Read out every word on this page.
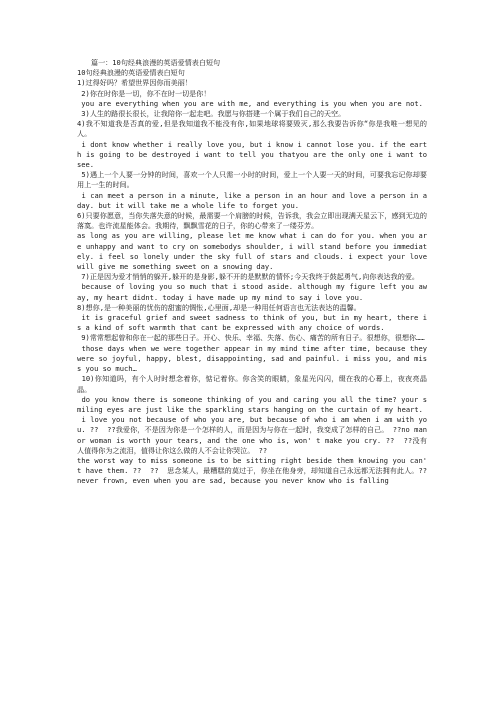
篇一：10句经典浪漫的英语爱情表白短句

10句经典浪漫的英语爱情表白短句

1)过得好吗？希望世界因你而美丽！

2)你在时你是一切，你不在时一切是你！

you are everything when you are with me, and everything is you when you are not.

3)人生的路很长很长，让我陪你一起走吧。我愿与你搭建一个属于我们自己的天空。

4)我不知道我是否真的爱,但是我知道我不能没有你,如果地球将要毁灭,那么我要告诉你“你是我唯一想见的人。

i dont know whether i really love you, but i know i cannot lose you. if the earth is going to be destroyed i want to tell you thatyou are the only one i want to see.

5)遇上一个人要一分钟的时间，喜欢一个人只需一小时的时间，爱上一个人要一天的时间，可要我忘记你却要用上一生的时间。

i can meet a person in a minute, like a person in an hour and love a person in a day. but it will take me a whole life to forget you.

6)只要你愿意，当你失落失意的时候，最需要一个肩膀的时候，告诉我，我会立即出现满天星云下，感到无边的落寞。也许流星能体会。我期待，飘飘雪花的日子，你的心带来了一缕芬芳。

as long as you are willing, please let me know what i can do for you. when you are unhappy and want to cry on somebodys shoulder, i will stand before you immediately. i feel so lonely under the sky full of stars and clouds. i expect your love will give me something sweet on a snowing day.

7)正是因为爱才悄悄的躲开,躲开的是身影,躲不开的是默默的情怀;今天我终于鼓起勇气,向你表达我的爱。

because of loving you so much that i stood aside. although my figure left you away, my heart didnt. today i have made up my mind to say i love you.

8)想你,是一种美丽的忧伤的甜蜜的惆怅,心里面,却是一种用任何语言也无法表达的温馨。

it is graceful grief and sweet sadness to think of you, but in my heart, there is a kind of soft warmth that cant be expressed with any choice of words.

9)常常想起曾和你在一起的那些日子。开心、快乐、幸福、失落、伤心、痛苦的所有日子。很想你，很想你……

those days when we were together appear in my mind time after time, because they were so joyful, happy, blest, disappointing, sad and painful. i miss you, and miss you so much…

10)你知道吗，有个人时时想念着你，惦记着你。你含笑的眼睛，象星光闪闪，缀在我的心幕上，夜夜亮晶晶。

do you know there is someone thinking of you and caring you all the time? your smiling eyes are just like the sparkling stars hanging on the curtain of my heart.

i love you not because of who you are, but because of who i am when i am with you. ??  ??我爱你，不是因为你是一个怎样的人，而是因为与你在一起时，我变成了怎样的自己。 ??no man or woman is worth your tears, and the one who is, won' t make you cry. ??  ??没有人值得你为之流泪，值得让你这么做的人不会让你哭泣。 ??

the worst way to miss someone is to be sitting right beside them knowing you can' t have them. ??  ??  思念某人，最糟糕的莫过于，你坐在他身旁，却知道自己永远都无法拥有此人。??  never frown, even when you are sad, because you never know who is falling
